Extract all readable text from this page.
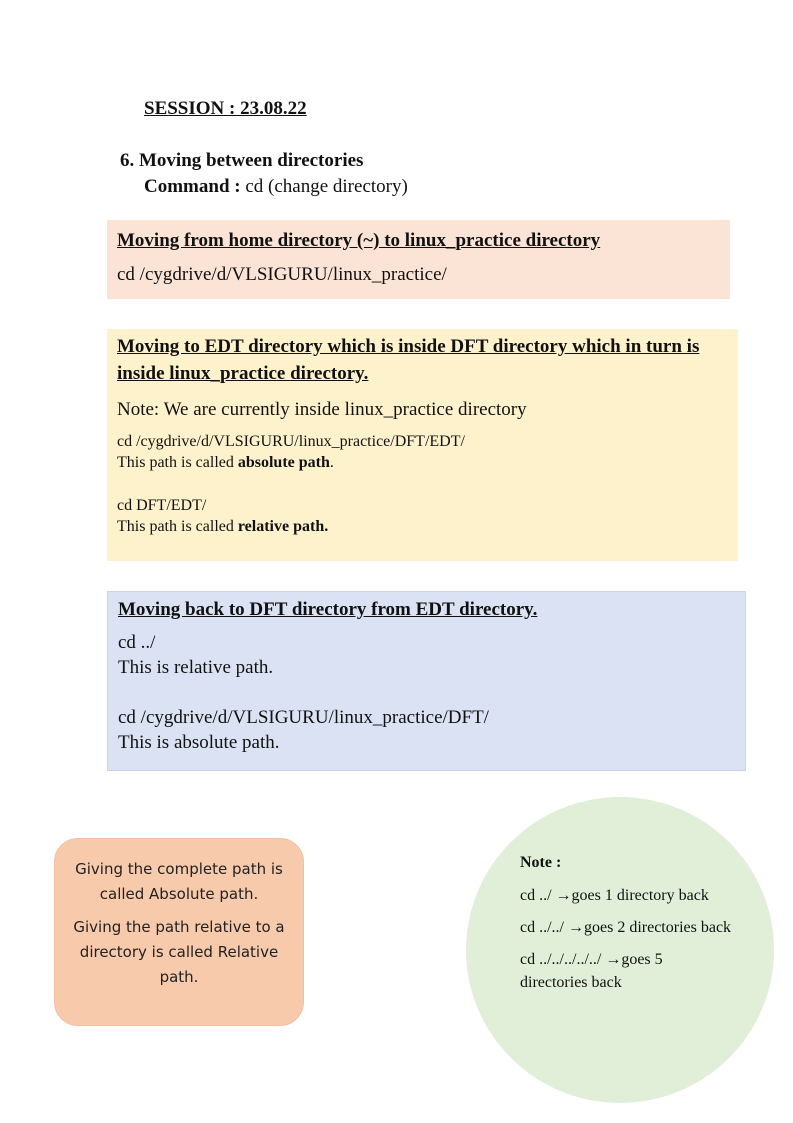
SESSION : 23.08.22
6. Moving between directories
Command : cd (change directory)
Moving from home directory (~) to linux_practice directory
cd /cygdrive/d/VLSIGURU/linux_practice/
Moving to EDT directory which is inside DFT directory which in turn is inside linux_practice directory.
Note: We are currently inside linux_practice directory
cd /cygdrive/d/VLSIGURU/linux_practice/DFT/EDT/
This path is called absolute path.
cd DFT/EDT/
This path is called relative path.
Moving back to DFT directory from EDT directory.
cd ../
This is relative path.
cd /cygdrive/d/VLSIGURU/linux_practice/DFT/
This is absolute path.

Giving the complete path is called Absolute path.

Giving the path relative to a directory is called Relative path.

Note :
cd ../ →goes 1 directory back
cd ../../ →goes 2 directories back
cd ../../../../../ →goes 5 directories back
